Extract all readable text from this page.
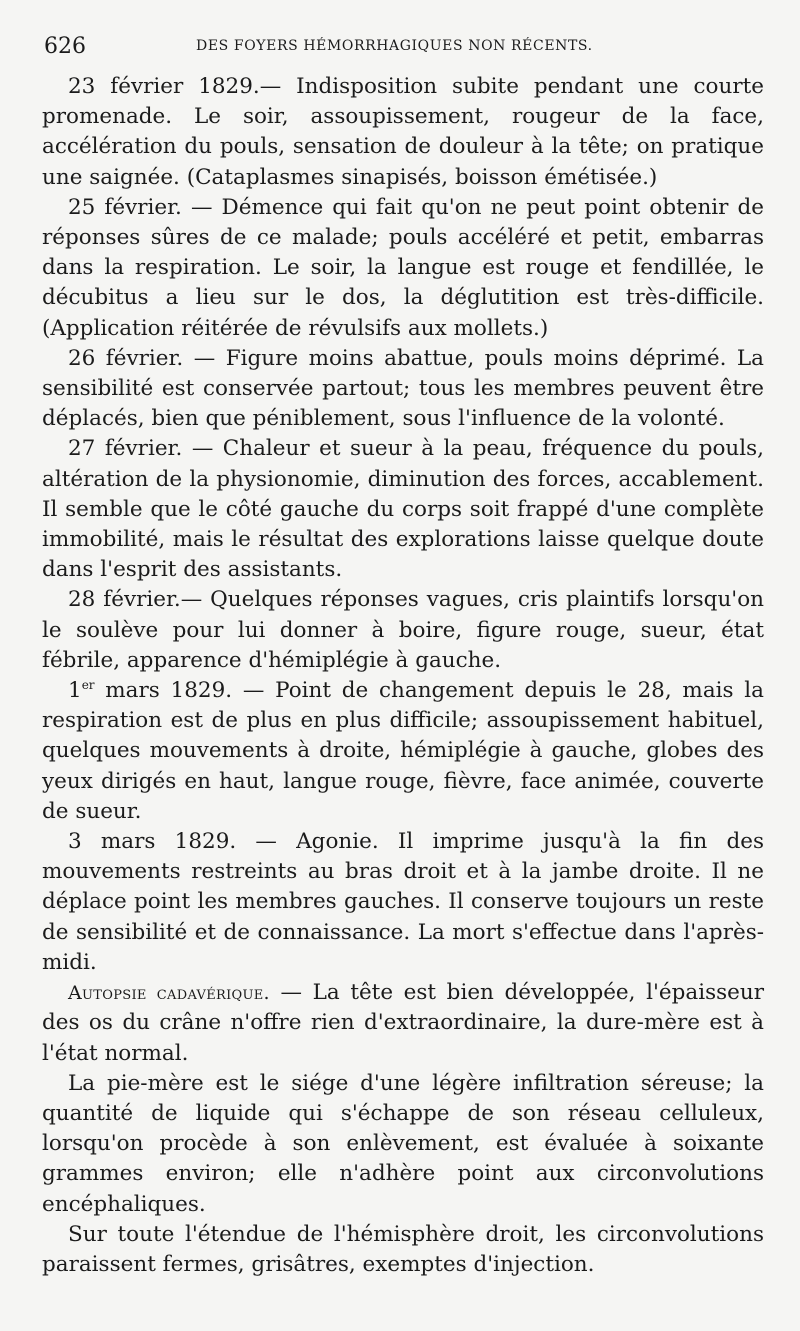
626	DES FOYERS HÉMORRHAGIQUES NON RÉCENTS.

23 février 1829.— Indisposition subite pendant une courte promenade. Le soir, assoupissement, rougeur de la face, accélération du pouls, sensation de douleur à la tête; on pratique une saignée. (Cataplasmes sinapisés, boisson émétisée.)

25 février. — Démence qui fait qu'on ne peut point obtenir de réponses sûres de ce malade; pouls accéléré et petit, embarras dans la respiration. Le soir, la langue est rouge et fendillée, le décubitus a lieu sur le dos, la déglutition est très-difficile. (Application réitérée de révulsifs aux mollets.)

26 février. — Figure moins abattue, pouls moins déprimé. La sensibilité est conservée partout; tous les membres peuvent être déplacés, bien que péniblement, sous l'influence de la volonté.

27 février. — Chaleur et sueur à la peau, fréquence du pouls, altération de la physionomie, diminution des forces, accablement. Il semble que le côté gauche du corps soit frappé d'une complète immobilité, mais le résultat des explorations laisse quelque doute dans l'esprit des assistants.

28 février.— Quelques réponses vagues, cris plaintifs lorsqu'on le soulève pour lui donner à boire, figure rouge, sueur, état fébrile, apparence d'hémiplégie à gauche.

1er mars 1829. — Point de changement depuis le 28, mais la respiration est de plus en plus difficile; assoupissement habituel, quelques mouvements à droite, hémiplégie à gauche, globes des yeux dirigés en haut, langue rouge, fièvre, face animée, couverte de sueur.

3 mars 1829. — Agonie. Il imprime jusqu'à la fin des mouvements restreints au bras droit et à la jambe droite. Il ne déplace point les membres gauches. Il conserve toujours un reste de sensibilité et de connaissance. La mort s'effectue dans l'après-midi.

Autopsie cadavérique. — La tête est bien développée, l'épaisseur des os du crâne n'offre rien d'extraordinaire, la dure-mère est à l'état normal.

La pie-mère est le siége d'une légère infiltration séreuse; la quantité de liquide qui s'échappe de son réseau celluleux, lorsqu'on procède à son enlèvement, est évaluée à soixante grammes environ; elle n'adhère point aux circonvolutions encéphaliques.

Sur toute l'étendue de l'hémisphère droit, les circonvolutions paraissent fermes, grisâtres, exemptes d'injection.
